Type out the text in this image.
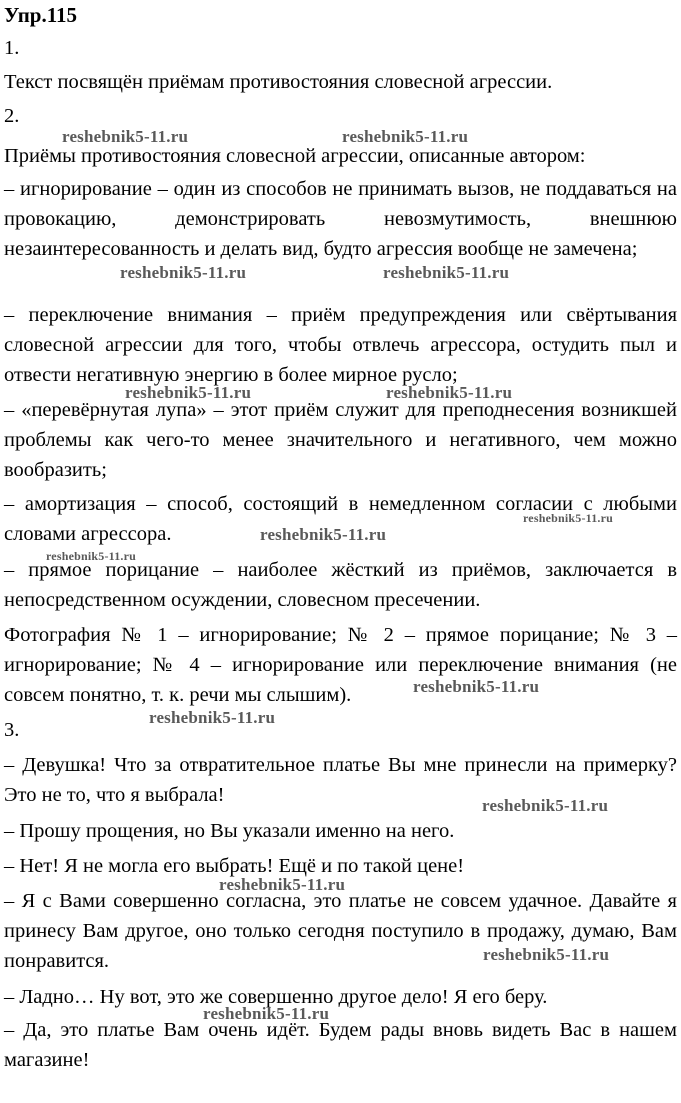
Упр.115

1.

Текст посвящён приёмам противостояния словесной агрессии.

2.

Приёмы противостояния словесной агрессии, описанные автором:

– игнорирование – один из способов не принимать вызов, не поддаваться на провокацию, демонстрировать невозмутимость, внешнюю незаинтересованность и делать вид, будто агрессия вообще не замечена;

– переключение внимания – приём предупреждения или свёртывания словесной агрессии для того, чтобы отвлечь агрессора, остудить пыл и отвести негативную энергию в более мирное русло;

– «перевёрнутая лупа» – этот приём служит для преподнесения возникшей проблемы как чего-то менее значительного и негативного, чем можно вообразить;

– амортизация – способ, состоящий в немедленном согласии с любыми словами агрессора.

– прямое порицание – наиболее жёсткий из приёмов, заключается в непосредственном осуждении, словесном пресечении.

Фотография № 1 – игнорирование; № 2 – прямое порицание; № 3 – игнорирование; № 4 – игнорирование или переключение внимания (не совсем понятно, т. к. речи мы слышим).

3.

– Девушка! Что за отвратительное платье Вы мне принесли на примерку? Это не то, что я выбрала!

– Прошу прощения, но Вы указали именно на него.

– Нет! Я не могла его выбрать! Ещё и по такой цене!

– Я с Вами совершенно согласна, это платье не совсем удачное. Давайте я принесу Вам другое, оно только сегодня поступило в продажу, думаю, Вам понравится.

– Ладно… Ну вот, это же совершенно другое дело! Я его беру.

– Да, это платье Вам очень идёт. Будем рады вновь видеть Вас в нашем магазине!

reshebnik5-11.ru	reshebnik5-11.ru
reshebnik5-11.ru	reshebnik5-11.ru
reshebnik5-11.ru	reshebnik5-11.ru
reshebnik5-11.ru
reshebnik5-11.ru
reshebnik5-11.ru
reshebnik5-11.ru
reshebnik5-11.ru
reshebnik5-11.ru
reshebnik5-11.ru
reshebnik5-11.ru
reshebnik5-11.ru
